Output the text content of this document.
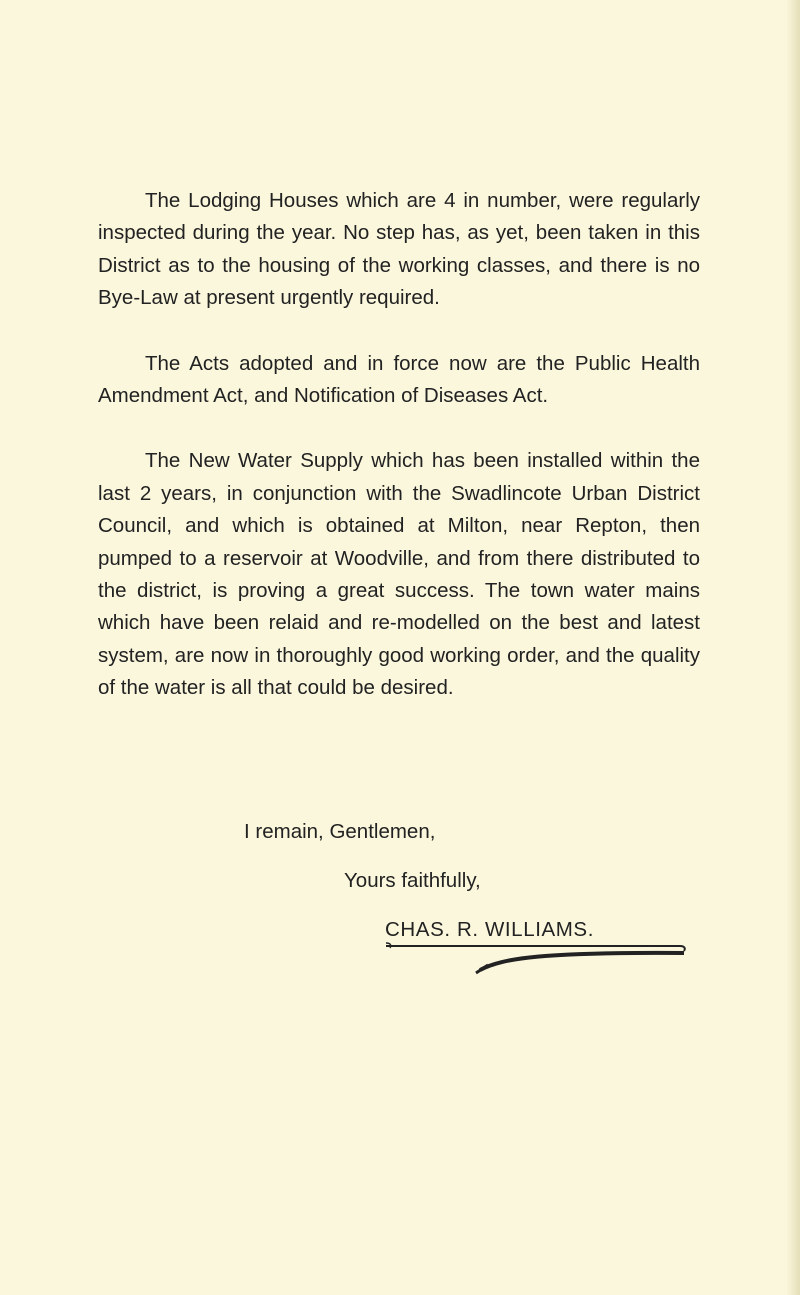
The Lodging Houses which are 4 in number, were regularly inspected during the year. No step has, as yet, been taken in this District as to the housing of the working classes, and there is no Bye-Law at present urgently required.

The Acts adopted and in force now are the Public Health Amendment Act, and Notification of Diseases Act.

The New Water Supply which has been installed within the last 2 years, in conjunction with the Swadlincote Urban District Council, and which is obtained at Milton, near Repton, then pumped to a reservoir at Woodville, and from there distributed to the district, is proving a great success. The town water mains which have been relaid and re-modelled on the best and latest system, are now in thoroughly good working order, and the quality of the water is all that could be desired.

I remain, Gentlemen,
Yours faithfully,
CHAS. R. WILLIAMS.
